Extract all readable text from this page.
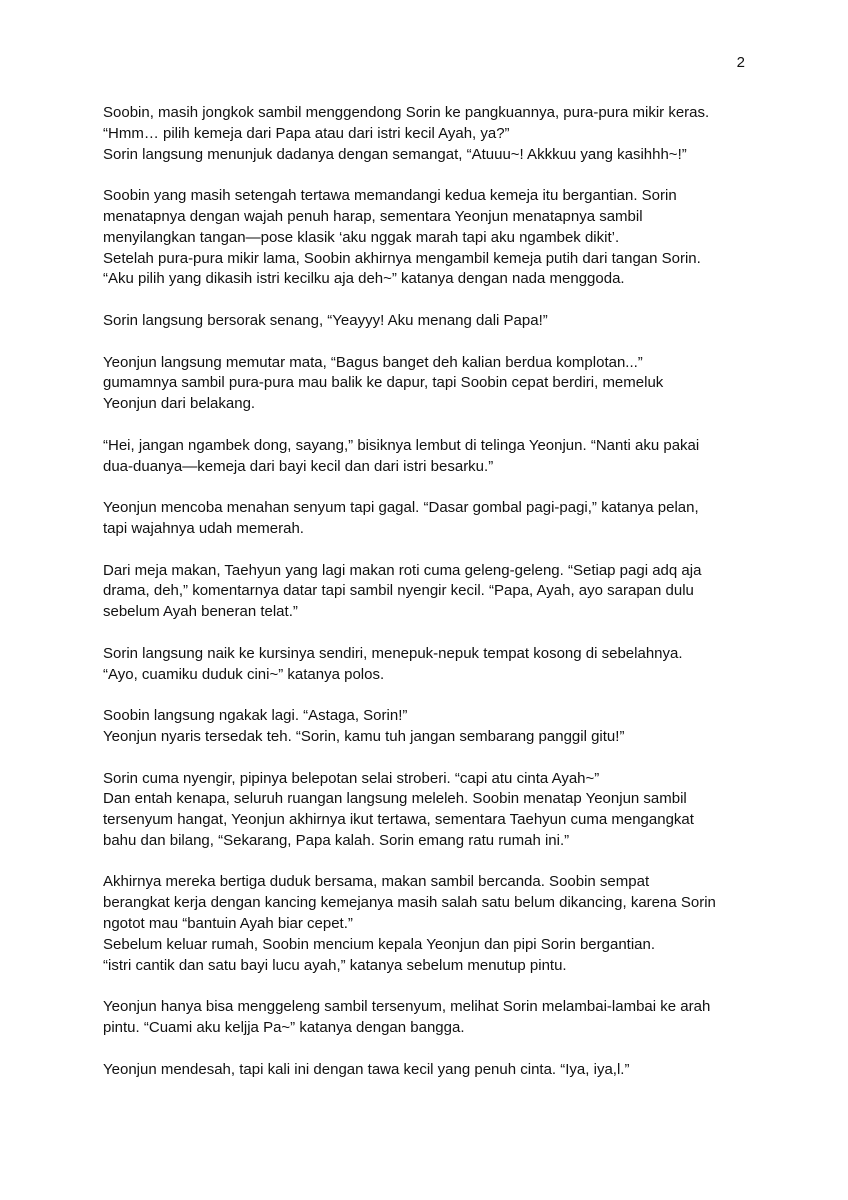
2

Soobin, masih jongkok sambil menggendong Sorin ke pangkuannya, pura-pura mikir keras.
“Hmm… pilih kemeja dari Papa atau dari istri kecil Ayah, ya?”
Sorin langsung menunjuk dadanya dengan semangat, “Atuuu~! Akkkuu yang kasihhh~!”

Soobin yang masih setengah tertawa memandangi kedua kemeja itu bergantian. Sorin
menatapnya dengan wajah penuh harap, sementara Yeonjun menatapnya sambil
menyilangkan tangan—pose klasik ‘aku nggak marah tapi aku ngambek dikit’.
Setelah pura-pura mikir lama, Soobin akhirnya mengambil kemeja putih dari tangan Sorin.
“Aku pilih yang dikasih istri kecilku aja deh~” katanya dengan nada menggoda.

Sorin langsung bersorak senang, “Yeayyy! Aku menang dali Papa!”

Yeonjun langsung memutar mata, “Bagus banget deh kalian berdua komplotan...”
gumamnya sambil pura-pura mau balik ke dapur, tapi Soobin cepat berdiri, memeluk
Yeonjun dari belakang.

“Hei, jangan ngambek dong, sayang,” bisiknya lembut di telinga Yeonjun. “Nanti aku pakai
dua-duanya—kemeja dari bayi kecil dan dari istri besarku.”

Yeonjun mencoba menahan senyum tapi gagal. “Dasar gombal pagi-pagi,” katanya pelan,
tapi wajahnya udah memerah.

Dari meja makan, Taehyun yang lagi makan roti cuma geleng-geleng. “Setiap pagi adq aja
drama, deh,” komentarnya datar tapi sambil nyengir kecil. “Papa, Ayah, ayo sarapan dulu
sebelum Ayah beneran telat.”

Sorin langsung naik ke kursinya sendiri, menepuk-nepuk tempat kosong di sebelahnya.
“Ayo, cuamiku duduk cini~” katanya polos.

Soobin langsung ngakak lagi. “Astaga, Sorin!”
Yeonjun nyaris tersedak teh. “Sorin, kamu tuh jangan sembarang panggil gitu!”

Sorin cuma nyengir, pipinya belepotan selai stroberi. “capi atu cinta Ayah~”
Dan entah kenapa, seluruh ruangan langsung meleleh. Soobin menatap Yeonjun sambil
tersenyum hangat, Yeonjun akhirnya ikut tertawa, sementara Taehyun cuma mengangkat
bahu dan bilang, “Sekarang, Papa kalah. Sorin emang ratu rumah ini.”

Akhirnya mereka bertiga duduk bersama, makan sambil bercanda. Soobin sempat
berangkat kerja dengan kancing kemejanya masih salah satu belum dikancing, karena Sorin
ngotot mau “bantuin Ayah biar cepet.”
Sebelum keluar rumah, Soobin mencium kepala Yeonjun dan pipi Sorin bergantian.
“istri cantik dan satu bayi lucu ayah,” katanya sebelum menutup pintu.

Yeonjun hanya bisa menggeleng sambil tersenyum, melihat Sorin melambai-lambai ke arah
pintu. “Cuami aku keljja Pa~” katanya dengan bangga.

Yeonjun mendesah, tapi kali ini dengan tawa kecil yang penuh cinta. “Iya, iya,l.”
